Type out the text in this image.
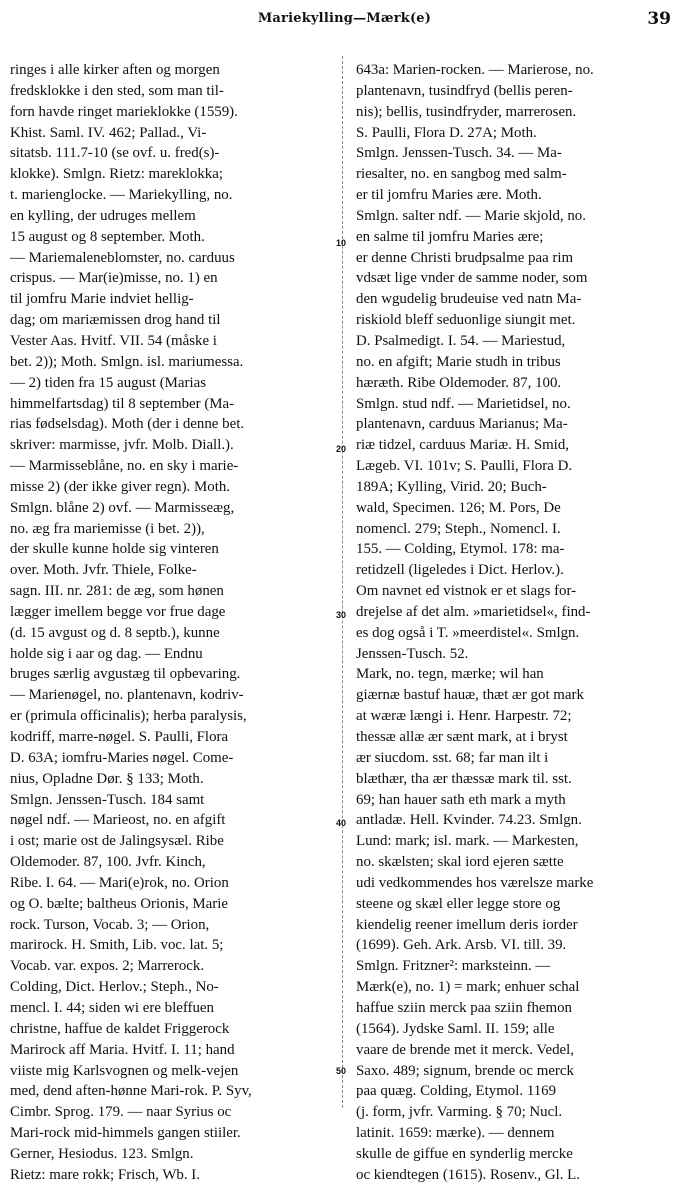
Mariekylling—Mærk(e)	39
ringes i alle kirker aften og morgen
fredsklokke i den sted, som man til-
forn havde ringet marieklokke (1559).
Khist. Saml. IV. 462; Pallad., Vi-
sitatsb. 111.7-10 (se ovf. u. fred(s)-
klokke). Smlgn. Rietz: mareklokka;
t. marienglocke. — Mariekylling, no.
en kylling, der udruges mellem
15 august og 8 september. Moth.
— Mariemaleneblomster, no. carduus
crispus. — Mar(ie)misse, no. 1) en
til jomfru Marie indviet hellig-
dag; om mariæmissen drog hand til
Vester Aas. Hvitf. VII. 54 (måske i
bet. 2)); Moth. Smlgn. isl. mariumessa.
— 2) tiden fra 15 august (Marias
himmelfartsdag) til 8 september (Ma-
rias fødselsdag). Moth (der i denne bet.
skriver: marmisse, jvfr. Molb. Diall.).
— Marmisseblåne, no. en sky i marie-
misse 2) (der ikke giver regn). Moth.
Smlgn. blåne 2) ovf. — Marmisseæg,
no. æg fra mariemisse (i bet. 2)),
der skulle kunne holde sig vinteren
over. Moth. Jvfr. Thiele, Folke-
sagn. III. nr. 281: de æg, som hønen
lægger imellem begge vor frue dage
(d. 15 avgust og d. 8 septb.), kunne
holde sig i aar og dag. — Endnu
bruges særlig avgustæg til opbevaring.
— Marienøgel, no. plantenavn, kodriv-
er (primula officinalis); herba paralysis,
kodriff, marre-nøgel. S. Paulli, Flora
D. 63A; iomfru-Maries nøgel. Come-
nius, Opladne Dør. § 133; Moth.
Smlgn. Jenssen-Tusch. 184 samt
nøgel ndf. — Marieost, no. en afgift
i ost; marie ost de Jalingsysæl. Ribe
Oldemoder. 87, 100. Jvfr. Kinch,
Ribe. I. 64. — Mari(e)rok, no. Orion
og O. bælte; baltheus Orionis, Marie
rock. Turson, Vocab. 3; — Orion,
marirock. H. Smith, Lib. voc. lat. 5;
Vocab. var. expos. 2; Marrerock.
Colding, Dict. Herlov.; Steph., No-
mencl. I. 44; siden wi ere bleffuen
christne, haffue de kaldet Friggerock
Marirock aff Maria. Hvitf. I. 11; hand
viiste mig Karlsvognen og melk-vejen
med, dend aften-hønne Mari-rok. P. Syv,
Cimbr. Sprog. 179. — naar Syrius oc
Mari-rock mid-himmels gangen stiiler.
Gerner, Hesiodus. 123. Smlgn.
Rietz: mare rokk; Frisch, Wb. I.
10
20
30
40
50
643a: Marien-rocken. — Marierose, no.
plantenavn, tusindfryd (bellis peren-
nis); bellis, tusindfryder, marrerosen.
S. Paulli, Flora D. 27A; Moth.
Smlgn. Jenssen-Tusch. 34. — Ma-
riesalter, no. en sangbog med salm-
er til jomfru Maries ære. Moth.
Smlgn. salter ndf. — Marie skjold, no.
en salme til jomfru Maries ære;
er denne Christi brudpsalme paa rim
vdsæt lige vnder de samme noder, som
den wgudelig brudeuise ved natn Ma-
riskiold bleff seduonlige siungit met.
D. Psalmedigt. I. 54. — Mariestud,
no. en afgift; Marie studh in tribus
hæræth. Ribe Oldemoder. 87, 100.
Smlgn. stud ndf. — Marietidsel, no.
plantenavn, carduus Marianus; Ma-
riæ tidzel, carduus Mariæ. H. Smid,
Lægeb. VI. 101v; S. Paulli, Flora D.
189A; Kylling, Virid. 20; Buch-
wald, Specimen. 126; M. Pors, De
nomencl. 279; Steph., Nomencl. I.
155. — Colding, Etymol. 178: ma-
retidzell (ligeledes i Dict. Herlov.).
Om navnet ed vistnok er et slags for-
drejelse af det alm. »marietidsel«, find-
es dog også i T. »meerdistel«. Smlgn.
Jenssen-Tusch. 52.
Mark, no. tegn, mærke; wil han
giærnæ bastuf hauæ, thæt ær got mark
at wæræ længi i. Henr. Harpestr. 72;
thessæ allæ ær sænt mark, at i bryst
ær siucdom. sst. 68; far man ilt i
blæthær, tha ær thæssæ mark til. sst.
69; han hauer sath eth mark a myth
antladæ. Hell. Kvinder. 74.23. Smlgn.
Lund: mark; isl. mark. — Markesten,
no. skælsten; skal iord ejeren sætte
udi vedkommendes hos værelsze marke
steene og skæl eller legge store og
kiendelig reener imellum deris iorder
(1699). Geh. Ark. Arsb. VI. till. 39.
Smlgn. Fritzner²: marksteinn. —
Mærk(e), no. 1) = mark; enhuer schal
haffue sziin merck paa sziin fhemon
(1564). Jydske Saml. II. 159; alle
vaare de brende met it merck. Vedel,
Saxo. 489; signum, brende oc merck
paa quæg. Colding, Etymol. 1169
(j. form, jvfr. Varming. § 70; Nucl.
latinit. 1659: mærke). — dennem
skulle de giffue en synderlig mercke
oc kiendtegen (1615). Rosenv., Gl. L.
